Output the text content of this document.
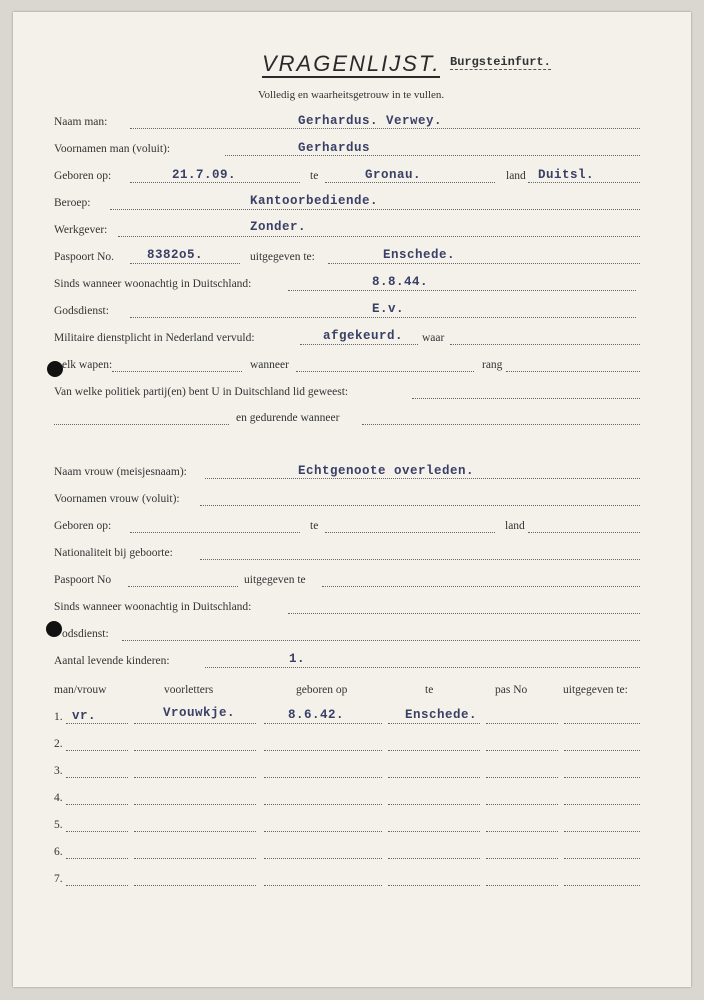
VRAGENLIJST. Burgsteinfurt.
Volledig en waarheitsgetrouw in te vullen.
Naam man:	Gerhardus. Verwey.
Voornamen man (voluit):	Gerhardus
Geboren op:	21.7.09.	te	Gronau.	land Duitsl.
Beroep:	Kantoorbediende.
Werkgever:	Zonder.
Paspoort No.	8382o5.	uitgegeven te:	Enschede.
Sinds wanneer woonachtig in Duitschland:	8.8.44.
Godsdienst:	E.v.
Militaire dienstplicht in Nederland vervuld:	afgekeurd. waar
elk wapen:	wanneer	rang
Van welke politiek partij(en) bent U in Duitschland lid geweest:
en gedurende wanneer
Naam vrouw (meisjesnaam):	Echtgenoote overleden.
Voornamen vrouw (voluit):
Geboren op:	te	land
Nationaliteit bij geboorte:
Paspoort No	uitgegeven te
Sinds wanneer woonachtig in Duitschland:
odsdienst:
Aantal levende kinderen:	1.
man/vrouw	voorletters	geboren op	te	pas No	uitgegeven te:
1. vr.	Vrouwkje.	8.6.42.	Enschede.
2.
3.
4.
5.
6.
7.
